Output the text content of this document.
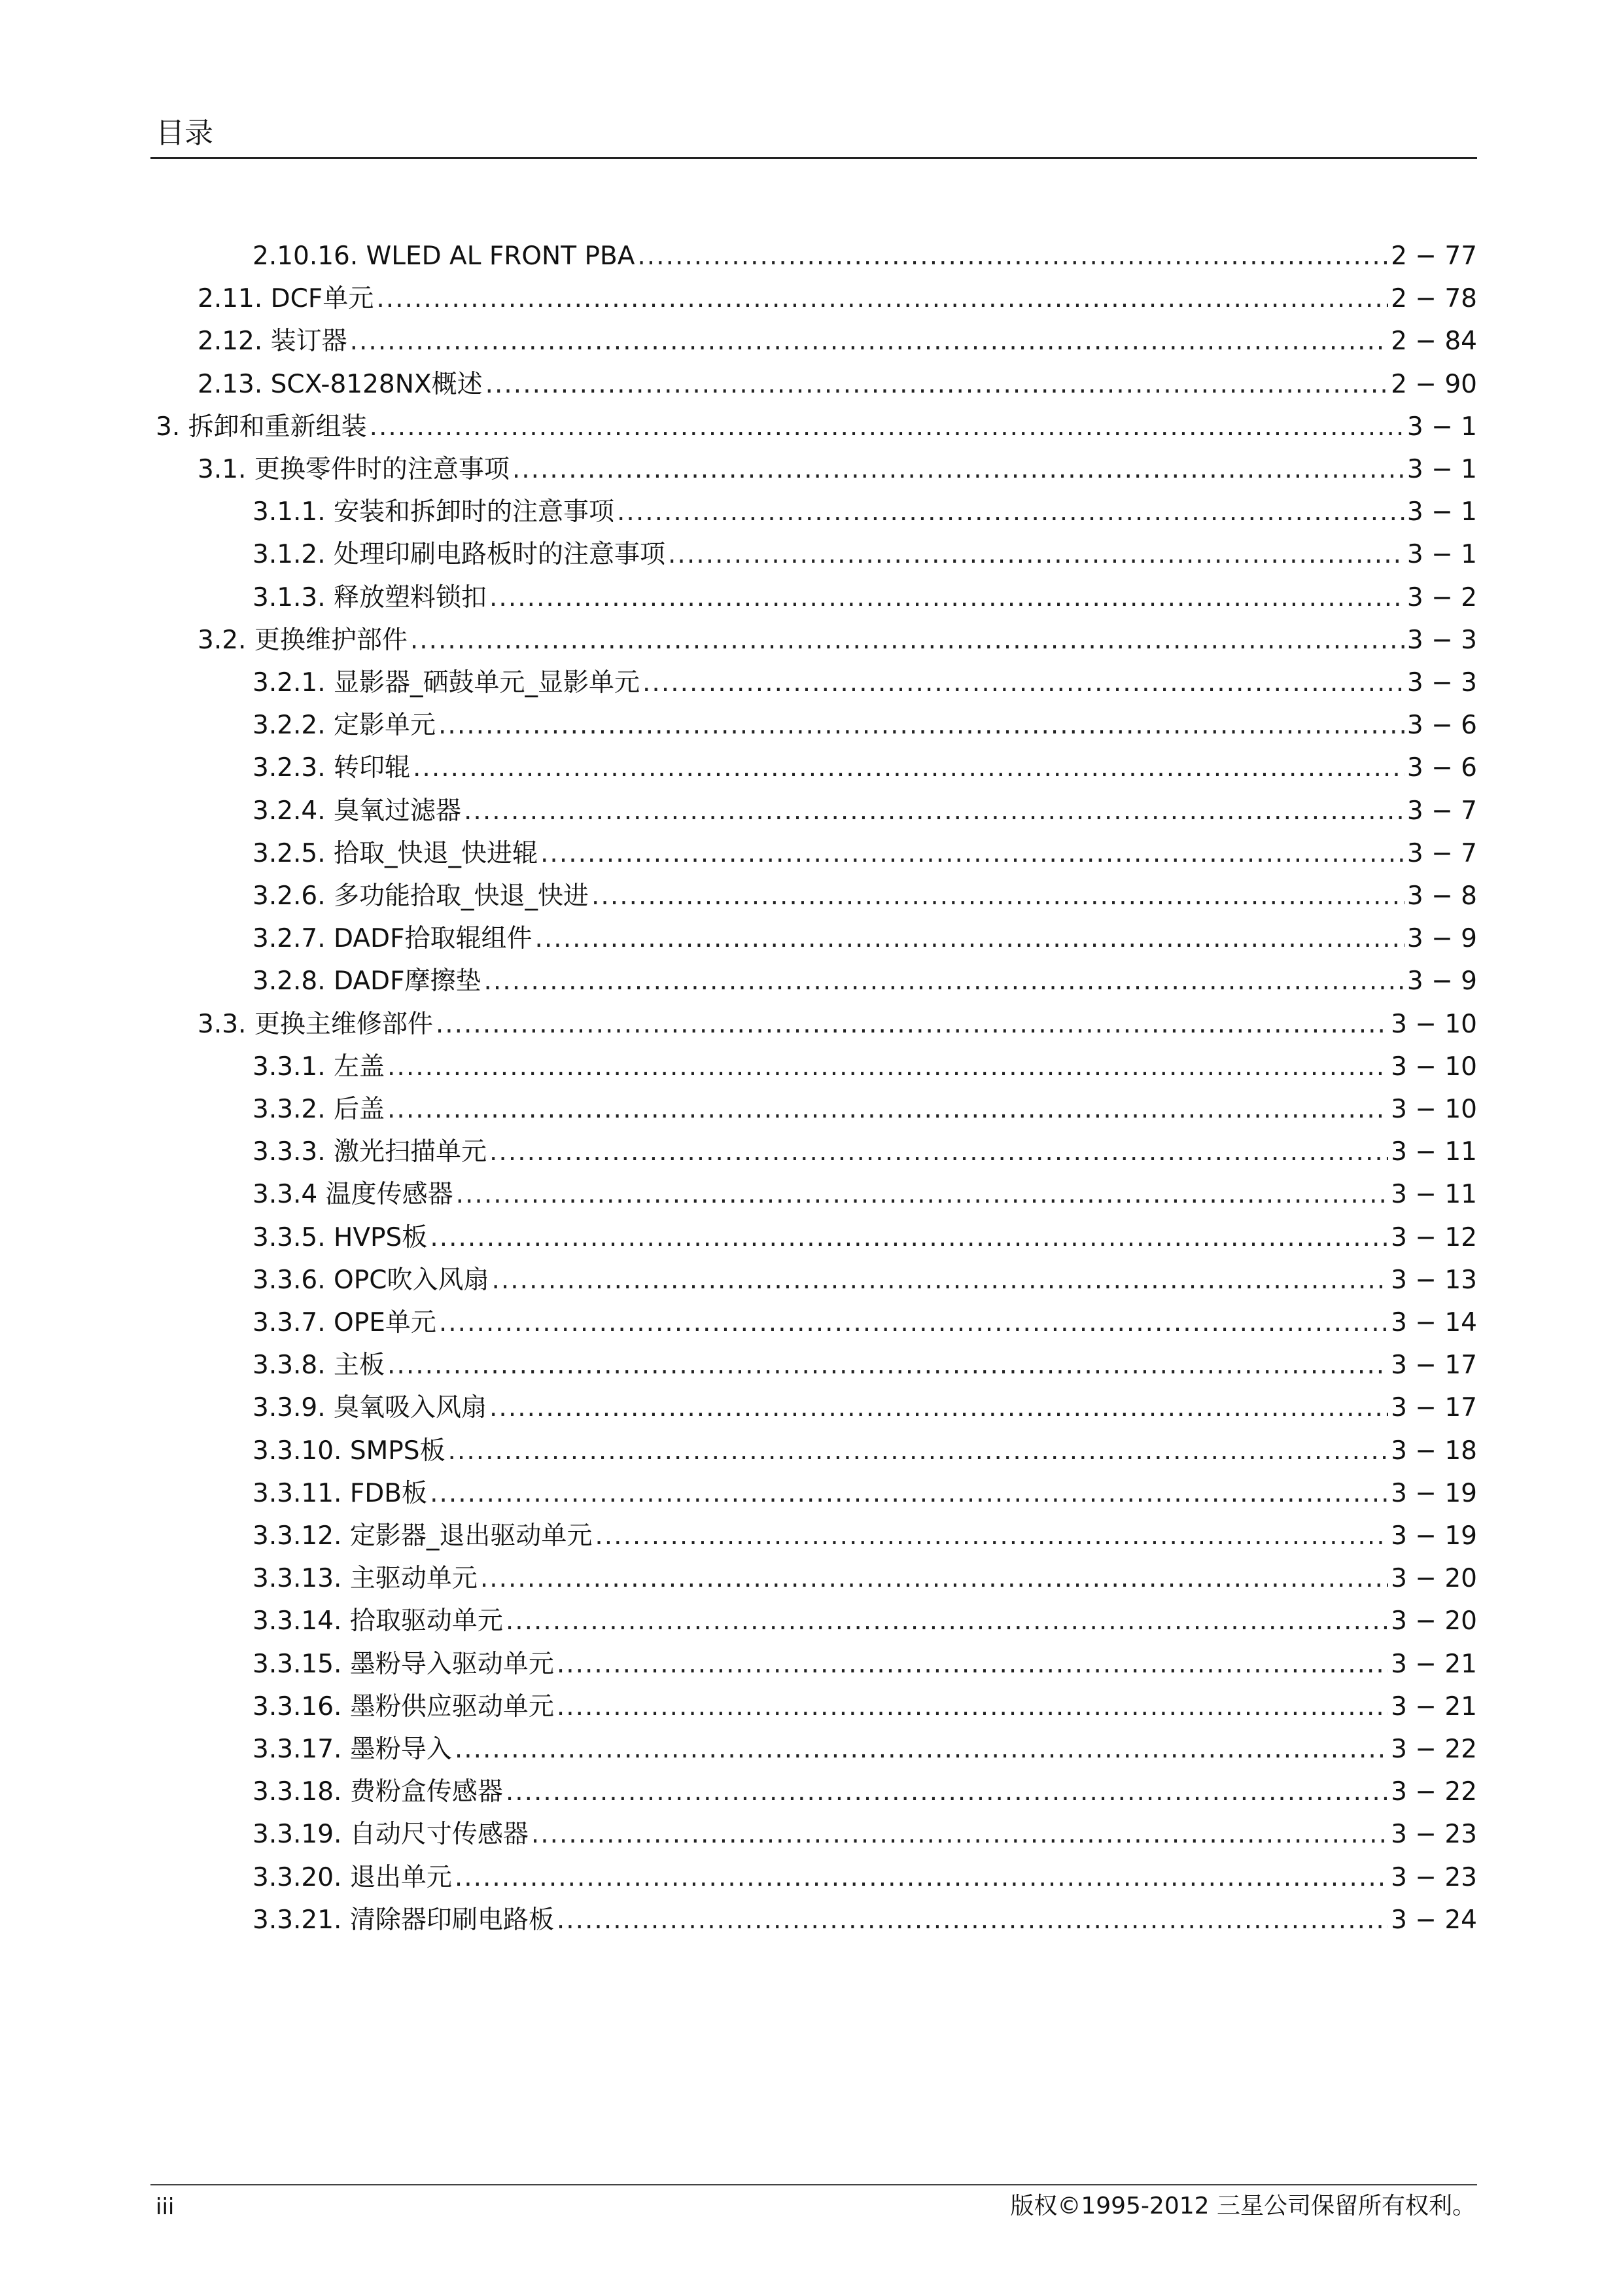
目录
2.10.16. WLED AL FRONT PBA .....	2 − 77
2.11. DCF单元 .....	2 − 78
2.12. 装订器 .....	2 − 84
2.13. SCX-8128NX概述 .....	2 − 90
3. 拆卸和重新组装 .....	3 − 1
3.1. 更换零件时的注意事项 .....	3 − 1
3.1.1. 安装和拆卸时的注意事项 .....	3 − 1
3.1.2. 处理印刷电路板时的注意事项 .....	3 − 1
3.1.3. 释放塑料锁扣 .....	3 − 2
3.2. 更换维护部件 .....	3 − 3
3.2.1. 显影器_硒鼓单元_显影单元 .....	3 − 3
3.2.2. 定影单元 .....	3 − 6
3.2.3. 转印辊 .....	3 − 6
3.2.4. 臭氧过滤器 .....	3 − 7
3.2.5. 拾取_快退_快进辊 .....	3 − 7
3.2.6. 多功能拾取_快退_快进 .....	3 − 8
3.2.7. DADF拾取辊组件 .....	3 − 9
3.2.8. DADF摩擦垫 .....	3 − 9
3.3. 更换主维修部件 .....	3 − 10
3.3.1. 左盖 .....	3 − 10
3.3.2. 后盖 .....	3 − 10
3.3.3. 激光扫描单元 .....	3 − 11
3.3.4 温度传感器 .....	3 − 11
3.3.5. HVPS板 .....	3 − 12
3.3.6. OPC吹入风扇 .....	3 − 13
3.3.7. OPE单元 .....	3 − 14
3.3.8. 主板 .....	3 − 17
3.3.9. 臭氧吸入风扇 .....	3 − 17
3.3.10. SMPS板 .....	3 − 18
3.3.11. FDB板 .....	3 − 19
3.3.12. 定影器_退出驱动单元 .....	3 − 19
3.3.13. 主驱动单元 .....	3 − 20
3.3.14. 拾取驱动单元 .....	3 − 20
3.3.15. 墨粉导入驱动单元 .....	3 − 21
3.3.16. 墨粉供应驱动单元 .....	3 − 21
3.3.17. 墨粉导入 .....	3 − 22
3.3.18. 费粉盒传感器 .....	3 − 22
3.3.19. 自动尺寸传感器 .....	3 − 23
3.3.20. 退出单元 .....	3 − 23
3.3.21. 清除器印刷电路板 .....	3 − 24
iii	版权©1995-2012 三星公司保留所有权利。
